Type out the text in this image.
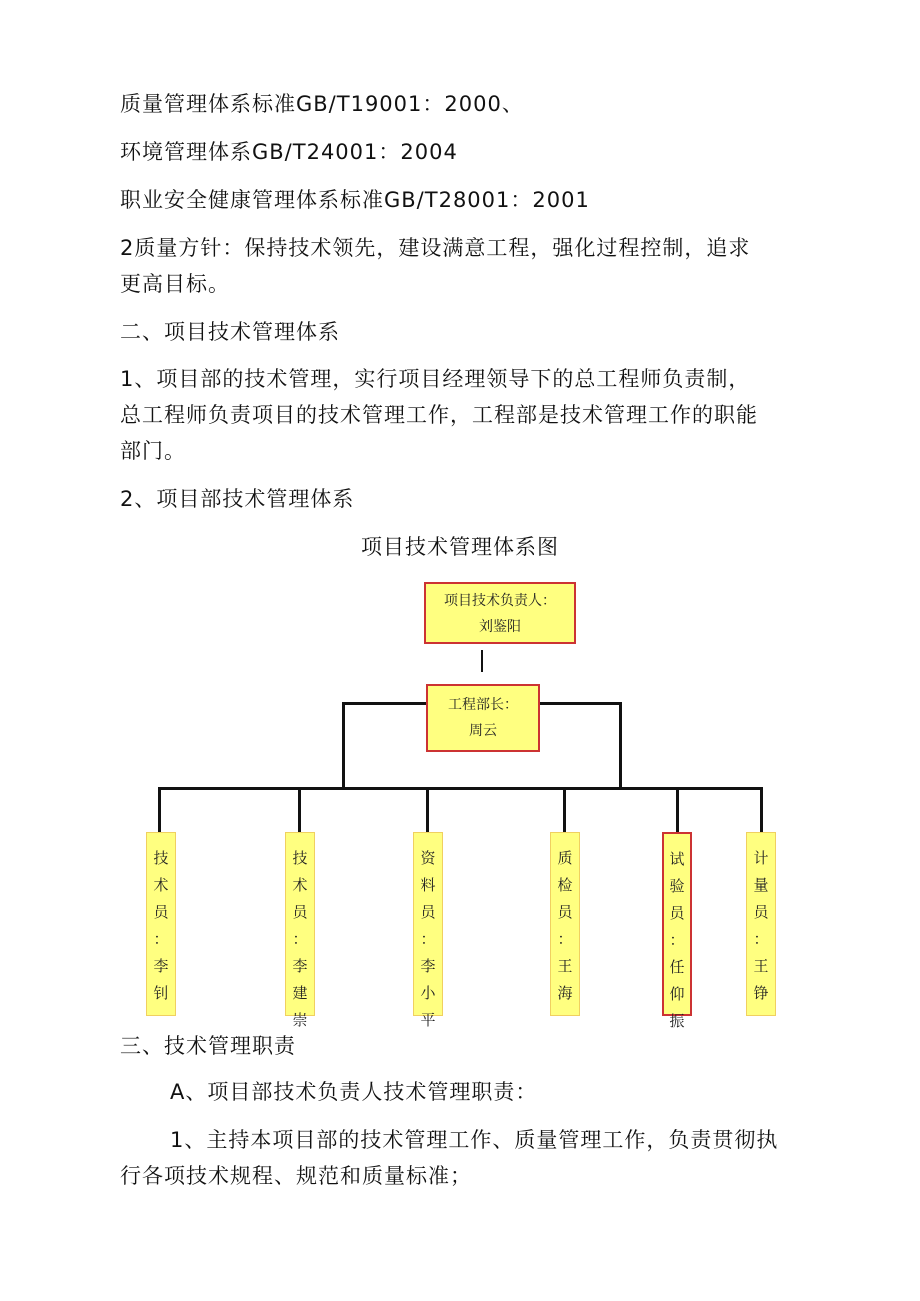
质量管理体系标准GB/T19001：2000、
环境管理体系GB/T24001：2004
职业安全健康管理体系标准GB/T28001：2001
2质量方针：保持技术领先，建设满意工程，强化过程控制，追求
更高目标。
二、项目技术管理体系
1、项目部的技术管理，实行项目经理领导下的总工程师负责制，
总工程师负责项目的技术管理工作，工程部是技术管理工作的职能
部门。
2、项目部技术管理体系
项目技术管理体系图
项目技术负责人：
刘鉴阳
工程部长：
周云
技
术
员
：
李
钊
技
术
员
：
李
建
崇
资
料
员
：
李
小
平
质
检
员
：
王
海
试
验
员
：
任
仰
振
计
量
员
：
王
铮
三、技术管理职责
A、项目部技术负责人技术管理职责：
1、主持本项目部的技术管理工作、质量管理工作，负责贯彻执
行各项技术规程、规范和质量标准；
